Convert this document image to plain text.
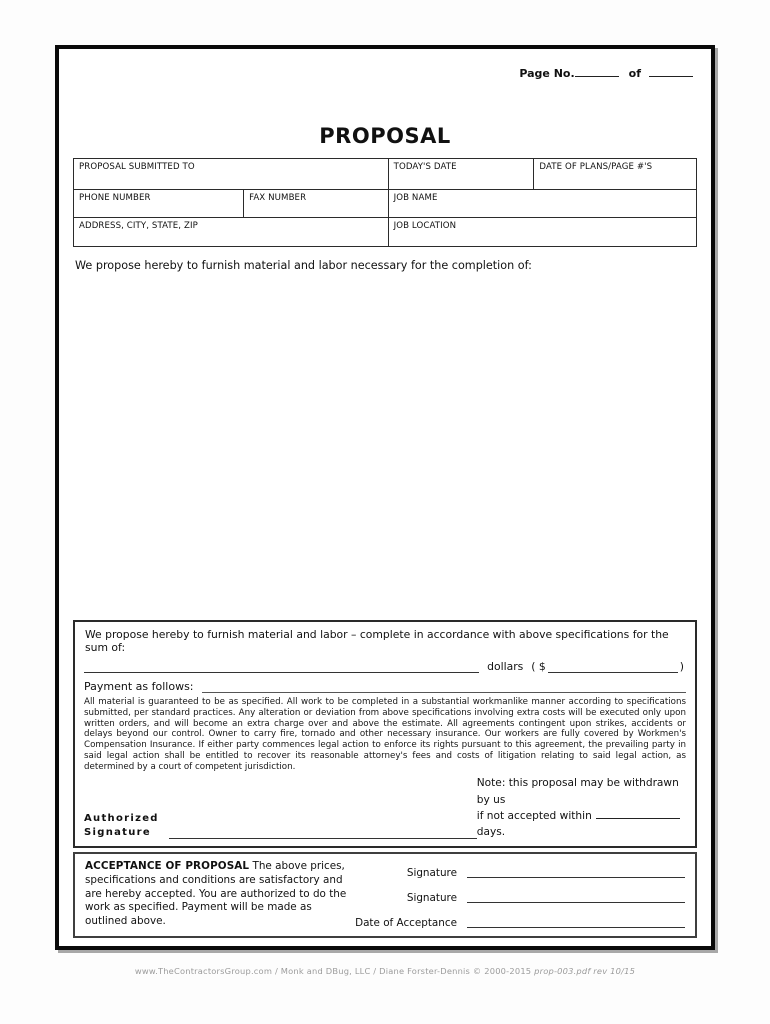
Page No.	of
PROPOSAL
PROPOSAL SUBMITTED TO		TODAY'S DATE	DATE OF PLANS/PAGE #'S
PHONE NUMBER	FAX NUMBER	JOB NAME	
ADDRESS, CITY, STATE, ZIP		JOB LOCATION	
We propose hereby to furnish material and labor necessary for the completion of:
We propose hereby to furnish material and labor – complete in accordance with above specifications for the sum of:
dollars ( $	)
Payment as follows:
All material is guaranteed to be as specified. All work to be completed in a substantial workmanlike manner according to specifications submitted, per standard practices. Any alteration or deviation from above specifications involving extra costs will be executed only upon written orders, and will become an extra charge over and above the estimate. All agreements contingent upon strikes, accidents or delays beyond our control. Owner to carry fire, tornado and other necessary insurance. Our workers are fully covered by Workmen's Compensation Insurance. If either party commences legal action to enforce its rights pursuant to this agreement, the prevailing party in said legal action shall be entitled to recover its reasonable attorney's fees and costs of litigation relating to said legal action, as determined by a court of competent jurisdiction.
Authorized
Signature
Note: this proposal may be withdrawn by us
if not accepted withindays.
ACCEPTANCE OF PROPOSAL The above prices, specifications and conditions are satisfactory and are hereby accepted. You are authorized to do the work as specified. Payment will be made as outlined above.
Signature
Signature
Date of Acceptance
www.TheContractorsGroup.com / Monk and DBug, LLC / Diane Forster-Dennis © 2000-2015 prop-003.pdf rev 10/15
